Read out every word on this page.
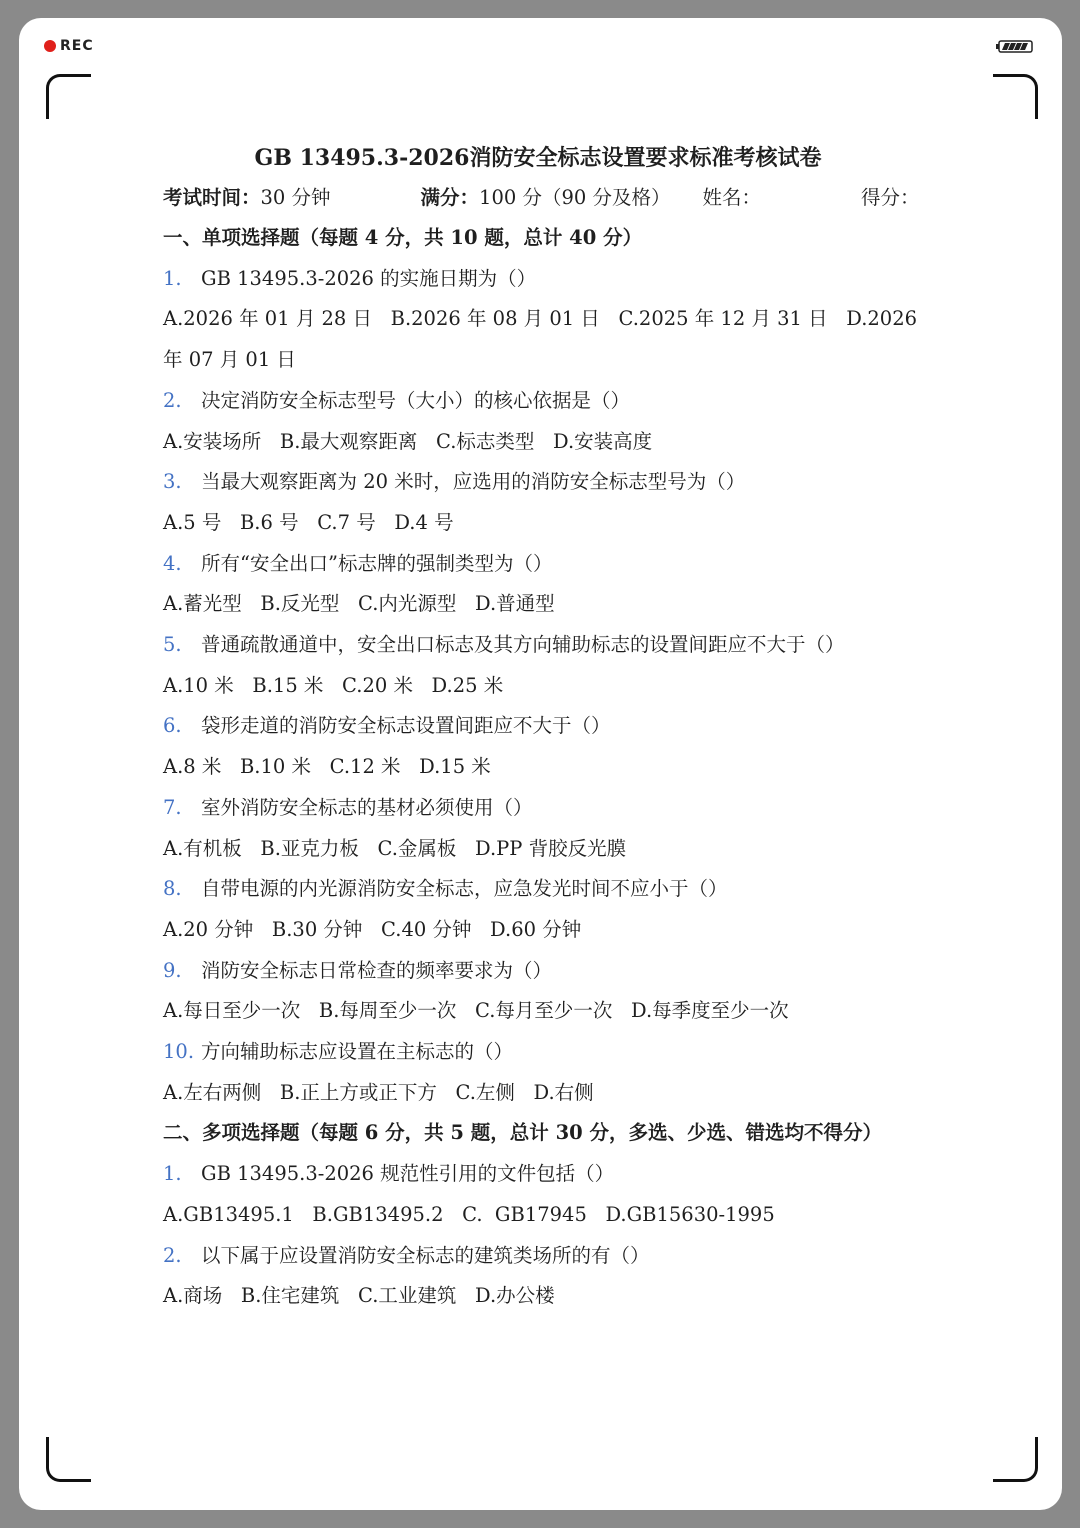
REC
GB 13495.3-2026消防安全标志设置要求标准考核试卷
考试时间： 30 分钟	满分： 100 分（90 分及格） 姓名：	得分：
一、单项选择题（每题 4 分，共 10 题，总计 40 分）
1. GB 13495.3-2026 的实施日期为（）
A.2026 年 01 月 28 日   B.2026 年 08 月 01 日   C.2025 年 12 月 31 日   D.2026
年 07 月 01 日
2. 决定消防安全标志型号（大小）的核心依据是（）
A.安装场所   B.最大观察距离   C.标志类型   D.安装高度
3. 当最大观察距离为 20 米时，应选用的消防安全标志型号为（）
A.5 号   B.6 号   C.7 号   D.4 号
4. 所有“安全出口”标志牌的强制类型为（）
A.蓄光型   B.反光型   C.内光源型   D.普通型
5. 普通疏散通道中，安全出口标志及其方向辅助标志的设置间距应不大于（）
A.10 米   B.15 米   C.20 米   D.25 米
6. 袋形走道的消防安全标志设置间距应不大于（）
A.8 米   B.10 米   C.12 米   D.15 米
7. 室外消防安全标志的基材必须使用（）
A.有机板   B.亚克力板   C.金属板   D.PP 背胶反光膜
8. 自带电源的内光源消防安全标志，应急发光时间不应小于（）
A.20 分钟   B.30 分钟   C.40 分钟   D.60 分钟
9. 消防安全标志日常检查的频率要求为（）
A.每日至少一次   B.每周至少一次   C.每月至少一次   D.每季度至少一次
10. 方向辅助标志应设置在主标志的（）
A.左右两侧   B.正上方或正下方   C.左侧   D.右侧
二、多项选择题（每题 6 分，共 5 题，总计 30 分，多选、少选、错选均不得分）
1. GB 13495.3-2026 规范性引用的文件包括（）
A.GB13495.1   B.GB13495.2   C.  GB17945   D.GB15630-1995
2. 以下属于应设置消防安全标志的建筑类场所的有（）
A.商场   B.住宅建筑   C.工业建筑   D.办公楼
